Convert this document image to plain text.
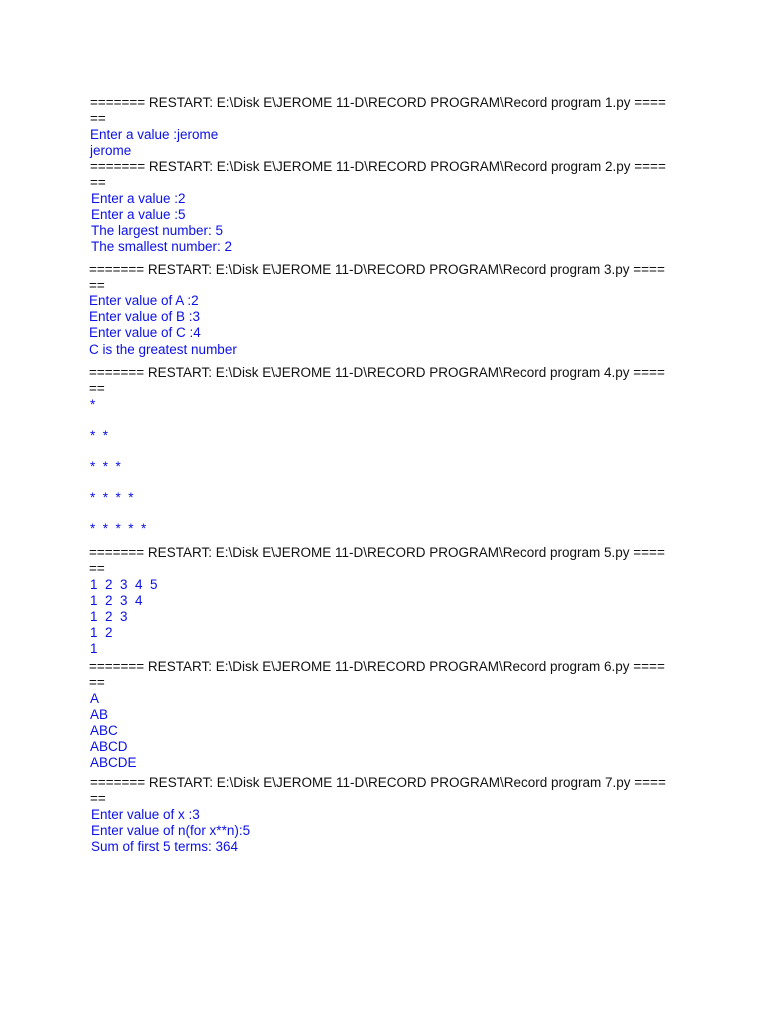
======= RESTART: E:\Disk E\JEROME 11-D\RECORD PROGRAM\Record program 1.py ====
==
Enter a value :jerome
jerome
======= RESTART: E:\Disk E\JEROME 11-D\RECORD PROGRAM\Record program 2.py ====
==
Enter a value :2
Enter a value :5
The largest number: 5
The smallest number: 2
======= RESTART: E:\Disk E\JEROME 11-D\RECORD PROGRAM\Record program 3.py ====
==
Enter value of A :2
Enter value of B :3
Enter value of C :4
C is the greatest number
======= RESTART: E:\Disk E\JEROME 11-D\RECORD PROGRAM\Record program 4.py ====
==
*
*  *
*  *  *
*  *  *  *
*  *  *  *  *
======= RESTART: E:\Disk E\JEROME 11-D\RECORD PROGRAM\Record program 5.py ====
==
1  2  3  4  5
1  2  3  4
1  2  3
1  2
1
======= RESTART: E:\Disk E\JEROME 11-D\RECORD PROGRAM\Record program 6.py ====
==
A
AB
ABC
ABCD
ABCDE
======= RESTART: E:\Disk E\JEROME 11-D\RECORD PROGRAM\Record program 7.py ====
==
Enter value of x :3
Enter value of n(for x**n):5
Sum of first 5 terms: 364
